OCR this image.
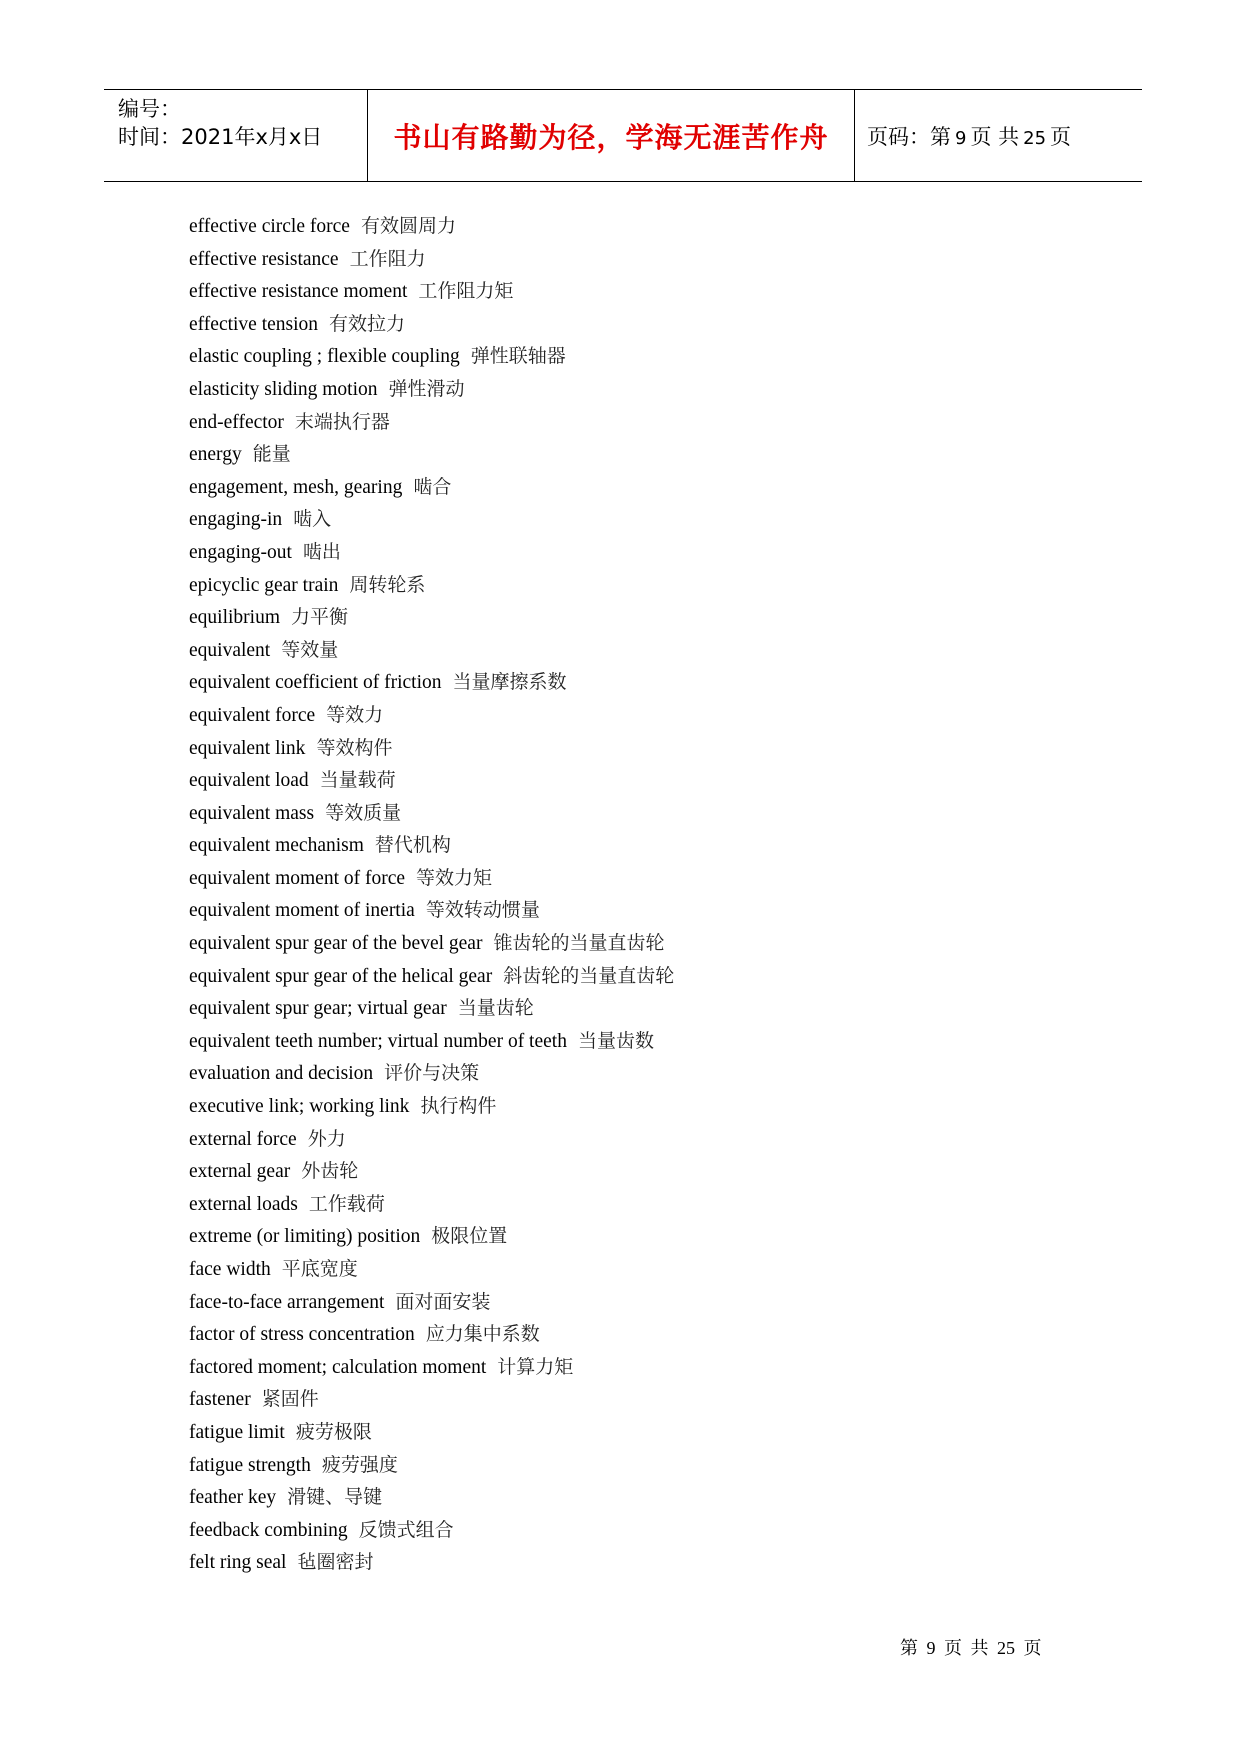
编号：
时间：2021年x月x日	书山有路勤为径，学海无涯苦作舟 页码：第 9 页 共 25 页
effective circle force 有效圆周力
effective resistance 工作阻力
effective resistance moment 工作阻力矩
effective tension 有效拉力
elastic coupling ; flexible coupling 弹性联轴器
elasticity sliding motion 弹性滑动
end-effector 末端执行器
energy 能量
engagement, mesh, gearing 啮合
engaging-in 啮入
engaging-out 啮出
epicyclic gear train 周转轮系
equilibrium 力平衡
equivalent 等效量
equivalent coefficient of friction 当量摩擦系数
equivalent force 等效力
equivalent link 等效构件
equivalent load 当量载荷
equivalent mass 等效质量
equivalent mechanism 替代机构
equivalent moment of force 等效力矩
equivalent moment of inertia 等效转动惯量
equivalent spur gear of the bevel gear 锥齿轮的当量直齿轮
equivalent spur gear of the helical gear 斜齿轮的当量直齿轮
equivalent spur gear; virtual gear 当量齿轮
equivalent teeth number; virtual number of teeth 当量齿数
evaluation and decision 评价与决策
executive link; working link 执行构件
external force 外力
external gear 外齿轮
external loads 工作载荷
extreme (or limiting) position 极限位置
face width 平底宽度
face-to-face arrangement 面对面安装
factor of stress concentration 应力集中系数
factored moment; calculation moment 计算力矩
fastener 紧固件
fatigue limit 疲劳极限
fatigue strength 疲劳强度
feather key 滑键、导键
feedback combining 反馈式组合
felt ring seal 毡圈密封
第 9 页 共 25 页
